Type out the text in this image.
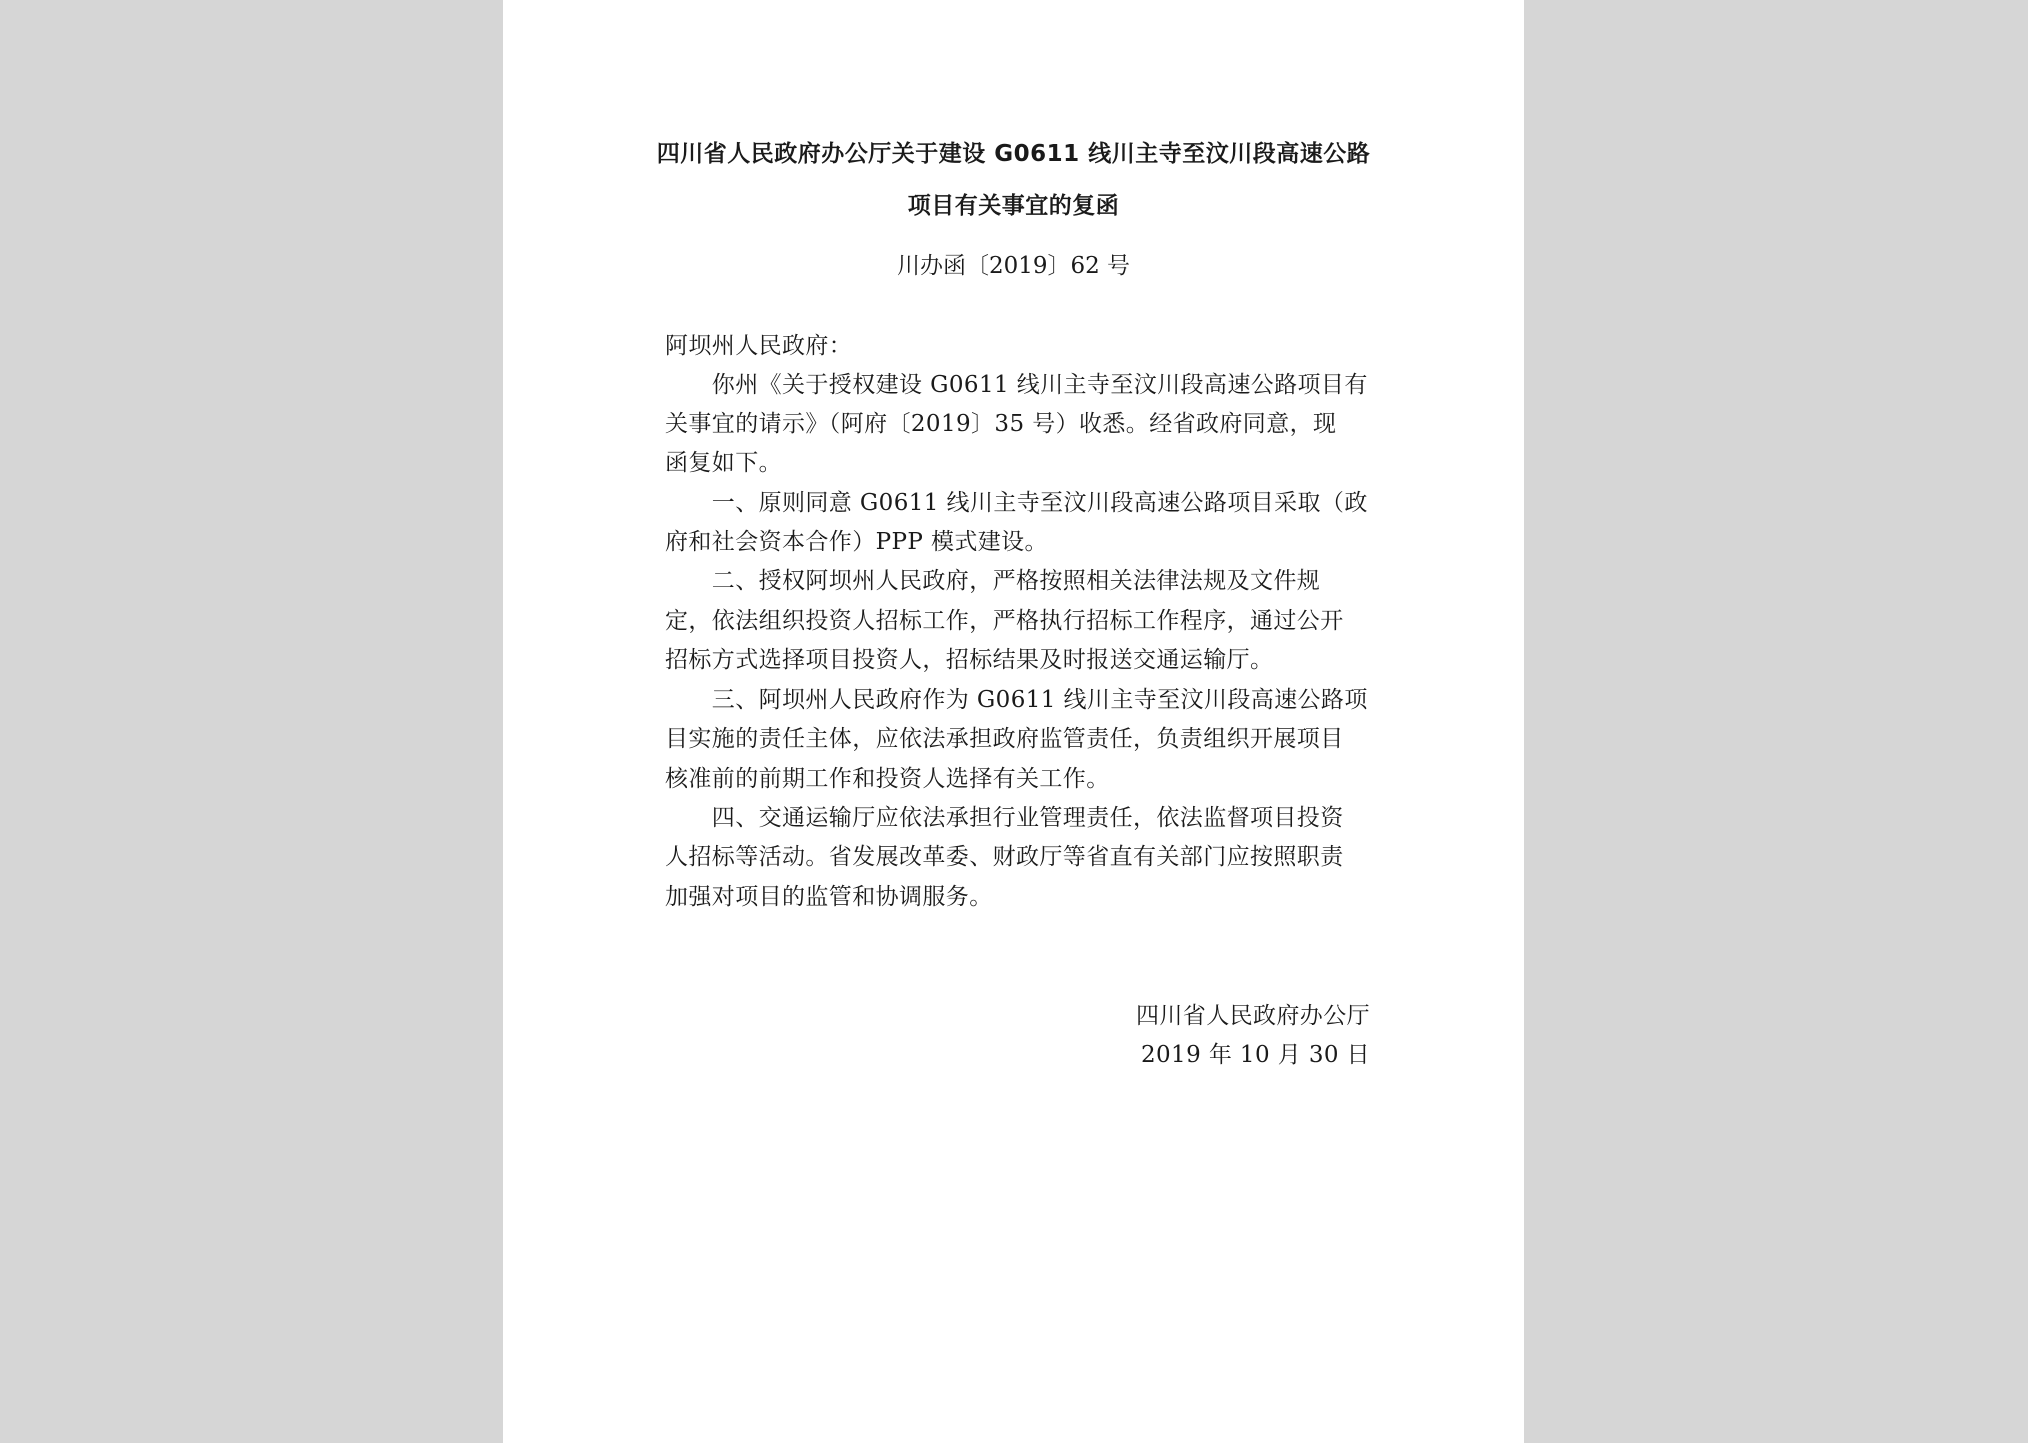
四川省人民政府办公厅关于建设 G0611 线川主寺至汶川段高速公路
项目有关事宜的复函
川办函〔2019〕62 号
阿坝州人民政府：
　　你州《关于授权建设 G0611 线川主寺至汶川段高速公路项目有
关事宜的请示》（阿府〔2019〕35 号）收悉。经省政府同意，现
函复如下。
　　一、原则同意 G0611 线川主寺至汶川段高速公路项目采取（政
府和社会资本合作）PPP 模式建设。
　　二、授权阿坝州人民政府，严格按照相关法律法规及文件规
定，依法组织投资人招标工作，严格执行招标工作程序，通过公开
招标方式选择项目投资人，招标结果及时报送交通运输厅。
　　三、阿坝州人民政府作为 G0611 线川主寺至汶川段高速公路项
目实施的责任主体，应依法承担政府监管责任，负责组织开展项目
核准前的前期工作和投资人选择有关工作。
　　四、交通运输厅应依法承担行业管理责任，依法监督项目投资
人招标等活动。省发展改革委、财政厅等省直有关部门应按照职责
加强对项目的监管和协调服务。
四川省人民政府办公厅
2019 年 10 月 30 日
